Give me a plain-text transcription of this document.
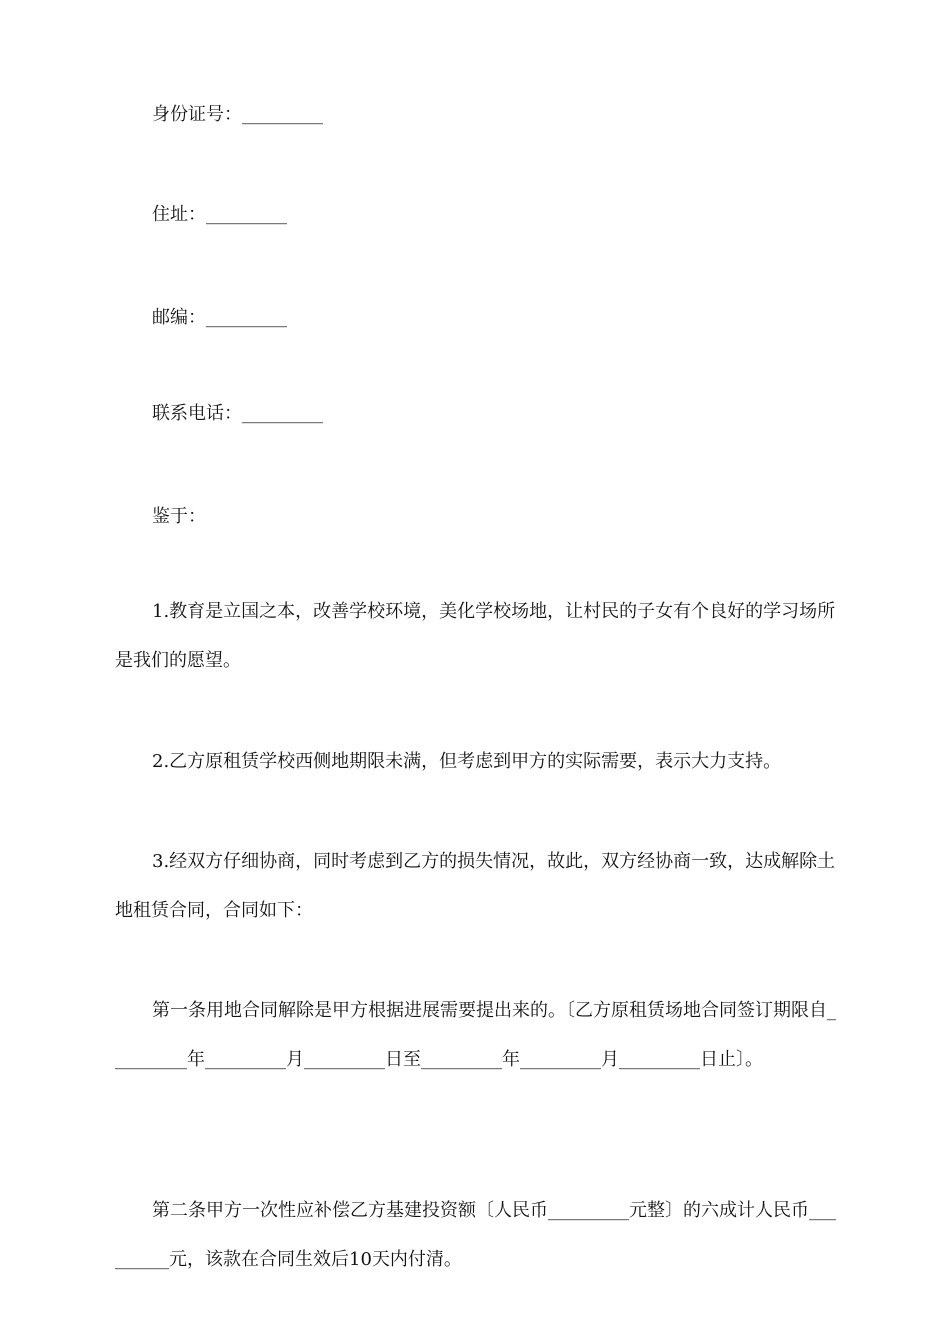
身份证号：_________

住址：_________

邮编：_________

联系电话：_________

鉴于：

1.教育是立国之本，改善学校环境，美化学校场地，让村民的子女有个良好的学习场所是我们的愿望。

2.乙方原租赁学校西侧地期限未满，但考虑到甲方的实际需要，表示大力支持。

3.经双方仔细协商，同时考虑到乙方的损失情况，故此，双方经协商一致，达成解除土地租赁合同，合同如下：

第一条用地合同解除是甲方根据进展需要提出来的。〔乙方原租赁场地合同签订期限自_________年_________月_________日至_________年_________月_________日止〕。

第二条甲方一次性应补偿乙方基建投资额〔人民币_________元整〕的六成计人民币_________元，该款在合同生效后10天内付清。
